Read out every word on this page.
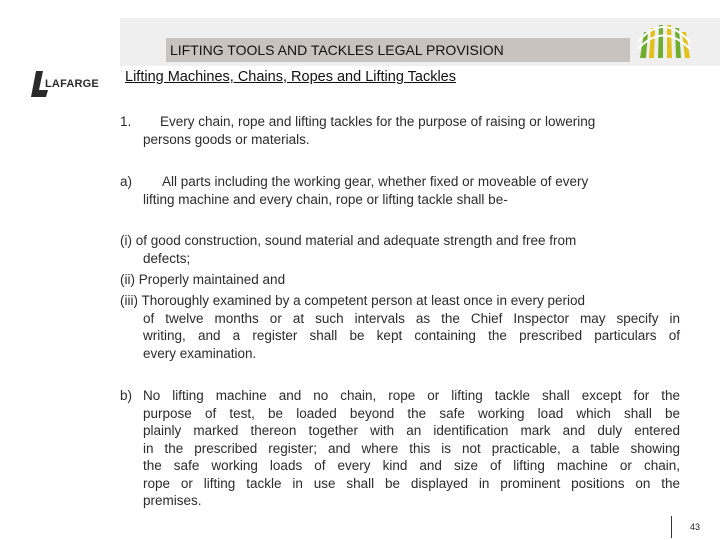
LIFTING TOOLS AND TACKLES LEGAL PROVISION
LAFARGE Lifting Machines, Chains, Ropes and Lifting Tackles
1. Every chain, rope and lifting tackles for the purpose of raising or lowering
persons goods or materials.
a) All parts including the working gear, whether fixed or moveable of every
lifting machine and every chain, rope or lifting tackle shall be-
(i) of good construction, sound material and adequate strength and free from
defects;
(ii) Properly maintained and
(iii) Thoroughly examined by a competent person at least once in every period
of twelve months or at such intervals as the Chief Inspector may specify in
writing, and a register shall be kept containing the prescribed particulars of
every examination.
b) No lifting machine and no chain, rope or lifting tackle shall except for the
purpose of test, be loaded beyond the safe working load which shall be
plainly marked thereon together with an identification mark and duly entered
in the prescribed register; and where this is not practicable, a table showing
the safe working loads of every kind and size of lifting machine or chain,
rope or lifting tackle in use shall be displayed in prominent positions on the
premises.
43
